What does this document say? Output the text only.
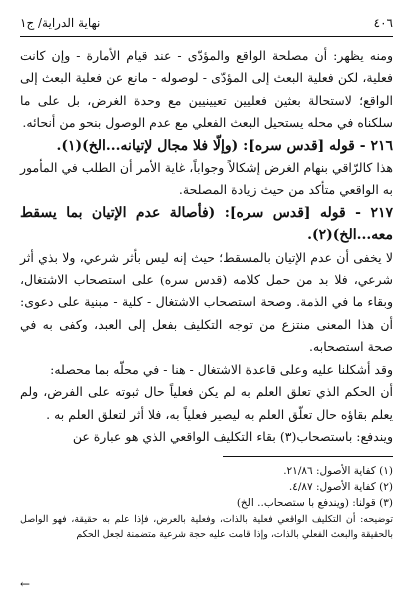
٤٠٦
نهاية الدراية/ ج١

ومنه يظهر: أن مصلحة الواقع والمؤدّى - عند قيام الأمارة - وإن كانت فعلية، لكن فعلية البعث إلى المؤدّى - لوصوله - مانع عن فعلية البعث إلى الواقع؛ لاستحالة بعثين فعليين تعيينيين مع وحدة الغرض، بل على ما سلكناه في محله يستحيل البعث الفعلي مع عدم الوصول بنحو من أنحائه.

٢١٦ - قوله [قدس سره]: (وإلّا فلا مجال لإتيانه...الخ)(١).

هذا كالرّاقي بنهام الغرض إشكالاً وجواباً، غاية الأمر أن الطلب في المأمور به الواقعي متأكد من حيث زيادة المصلحة.

٢١٧ - قوله [قدس سره]: (فأصالة عدم الإتيان بما يسقط معه...الخ)(٢).

لا يخفى أن عدم الإتيان بالمسقط؛ حيث إنه ليس بأثر شرعي، ولا بذي أثر شرعي، فلا بد من حمل كلامه (قدس سره) على استصحاب الاشتغال، وبقاء ما في الذمة. وصحة استصحاب الاشتغال - كلية - مبنية على دعوى: أن هذا المعنى منتزع من توجه التكليف بفعل إلى العبد، وكفى به في صحة استصحابه.

وقد أشكلنا عليه وعلى قاعدة الاشتغال - هنا - في محلّه بما محصله:

أن الحكم الذي تعلق العلم به لم يكن فعلياً حال ثبوته على الفرض، ولم يعلم بقاؤه حال تعلّق العلم به ليصير فعلياً به، فلا أثر لتعلق العلم به .

ويندفع: باستصحاب(٣) بقاء التكليف الواقعي الذي هو عبارة عن

(١) كفاية الأصول: ٢١/٨٦.

(٢) كفاية الأصول: ٤/٨٧.

(٣) قولنا: (ويندفع با ستصحاب.. الخ)

توضيحه: أن التكليف الواقعي فعلية بالذات، وفعلية بالعرض، فإذا علم به حقيقة، فهو الواصل بالحقيقة والبعث الفعلي بالذات، وإذا قامت عليه حجة شرعية متضمنة لجعل الحكم

←
